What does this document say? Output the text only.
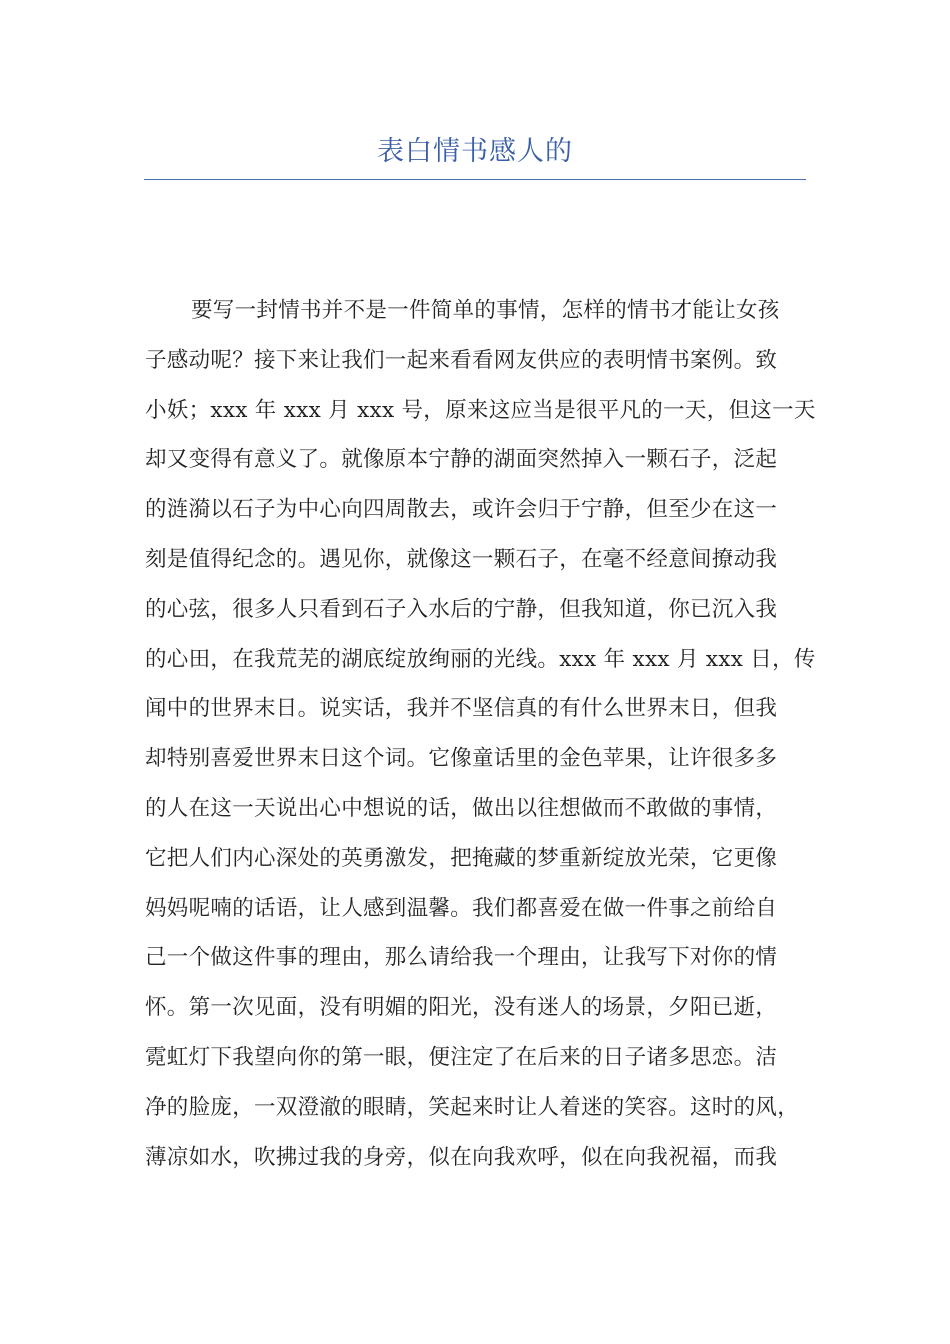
表白情书感人的
要写一封情书并不是一件简单的事情，怎样的情书才能让女孩
子感动呢？接下来让我们一起来看看网友供应的表明情书案例。致
小妖；xxx 年 xxx 月 xxx 号，原来这应当是很平凡的一天，但这一天
却又变得有意义了。就像原本宁静的湖面突然掉入一颗石子，泛起
的涟漪以石子为中心向四周散去，或许会归于宁静，但至少在这一
刻是值得纪念的。遇见你，就像这一颗石子，在毫不经意间撩动我
的心弦，很多人只看到石子入水后的宁静，但我知道，你已沉入我
的心田，在我荒芜的湖底绽放绚丽的光线。xxx 年 xxx 月 xxx 日，传
闻中的世界末日。说实话，我并不坚信真的有什么世界末日，但我
却特别喜爱世界末日这个词。它像童话里的金色苹果，让许很多多
的人在这一天说出心中想说的话，做出以往想做而不敢做的事情，
它把人们内心深处的英勇激发，把掩藏的梦重新绽放光荣，它更像
妈妈呢喃的话语，让人感到温馨。我们都喜爱在做一件事之前给自
己一个做这件事的理由，那么请给我一个理由，让我写下对你的情
怀。第一次见面，没有明媚的阳光，没有迷人的场景，夕阳已逝，
霓虹灯下我望向你的第一眼，便注定了在后来的日子诸多思恋。洁
净的脸庞，一双澄澈的眼睛，笑起来时让人着迷的笑容。这时的风，
薄凉如水，吹拂过我的身旁，似在向我欢呼，似在向我祝福，而我
